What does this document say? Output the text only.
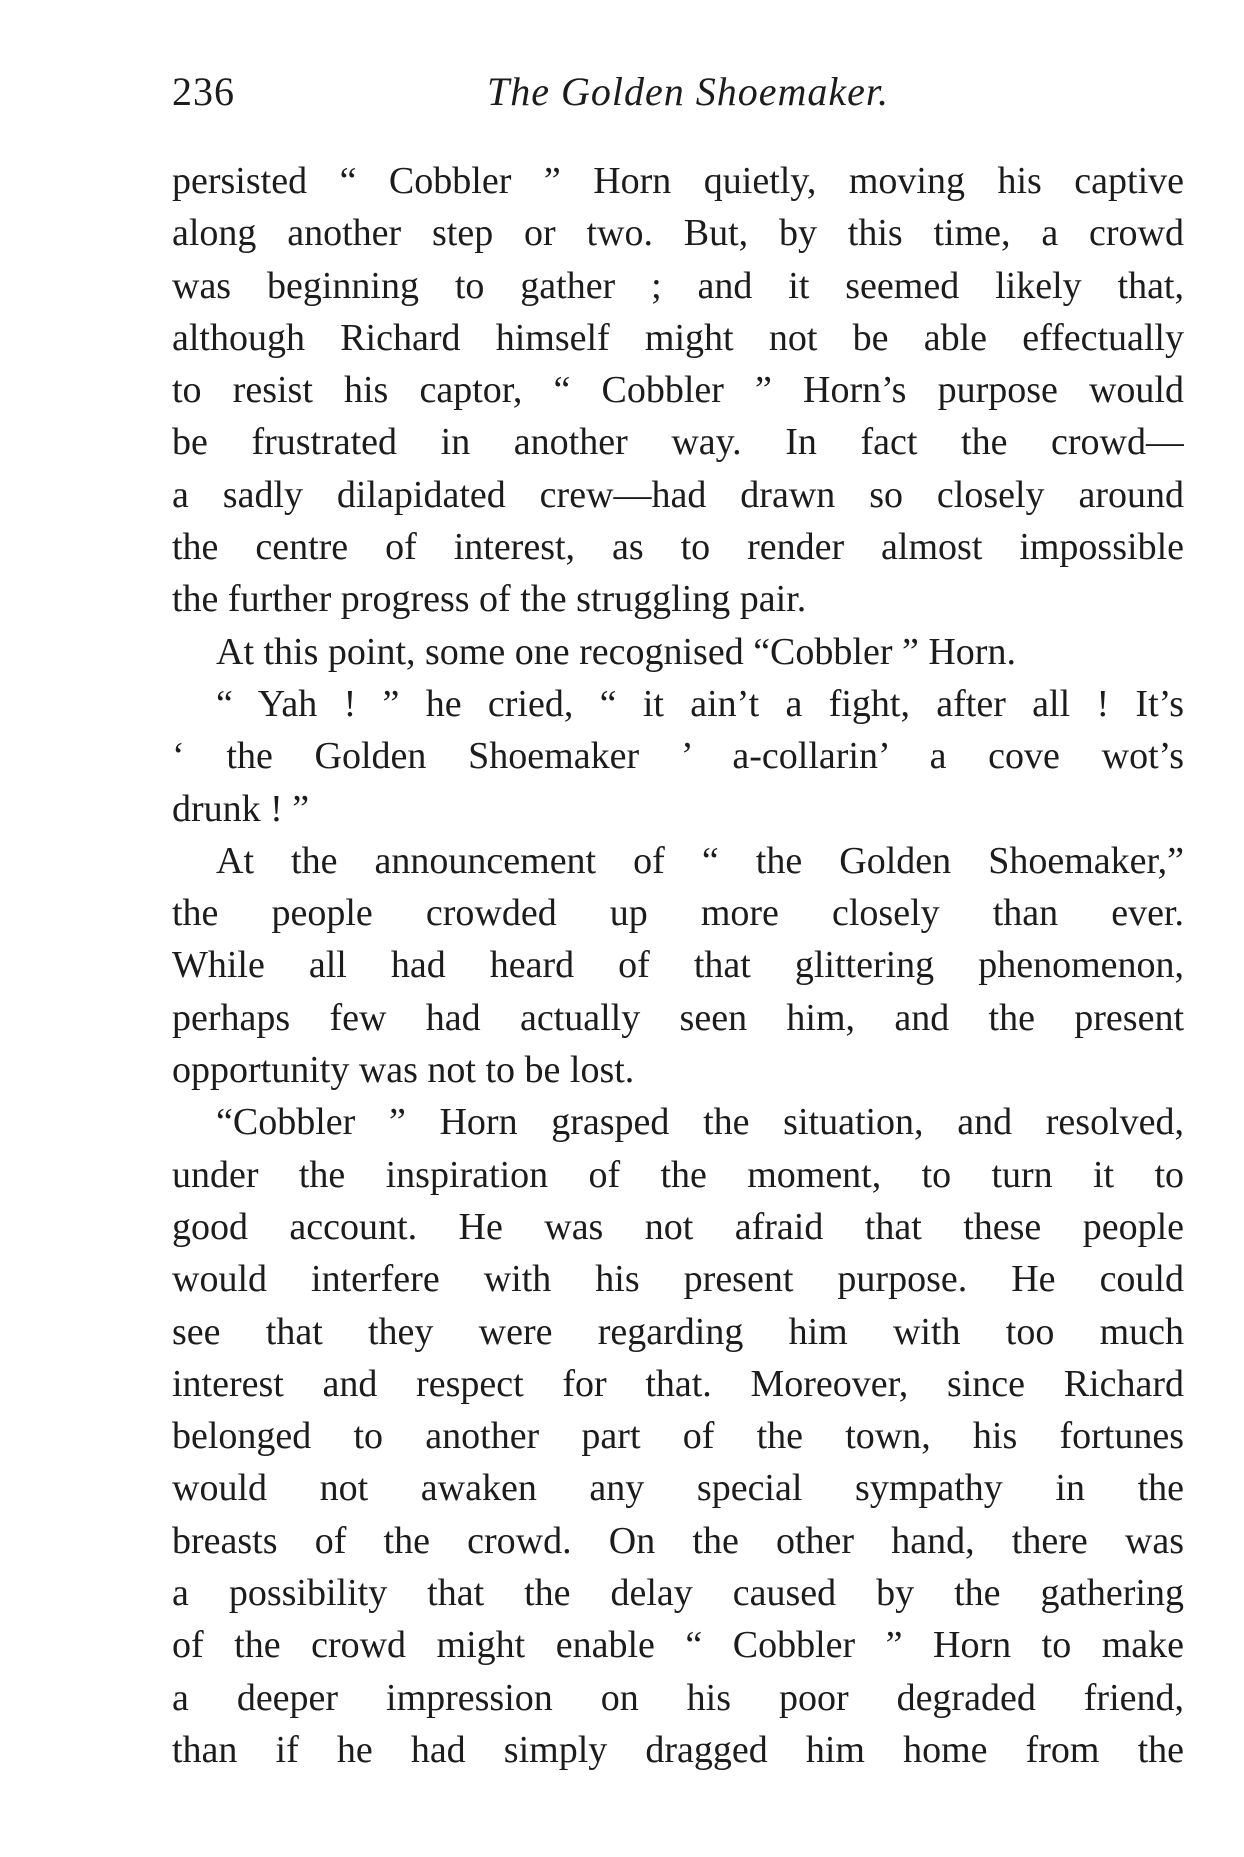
236	The Golden Shoemaker.
persisted “ Cobbler ” Horn quietly, moving his captive
along another step or two. But, by this time, a crowd
was beginning to gather ; and it seemed likely that,
although Richard himself might not be able effectually
to resist his captor, “ Cobbler ” Horn’s purpose would
be frustrated in another way. In fact the crowd—
a sadly dilapidated crew—had drawn so closely around
the centre of interest, as to render almost impossible
the further progress of the struggling pair.
At this point, some one recognised “Cobbler ” Horn.
“ Yah ! ” he cried, “ it ain’t a fight, after all ! It’s
‘ the Golden Shoemaker ’ a-collarin’ a cove wot’s
drunk ! ”
At the announcement of “ the Golden Shoemaker,”
the people crowded up more closely than ever.
While all had heard of that glittering phenomenon,
perhaps few had actually seen him, and the present
opportunity was not to be lost.
“Cobbler ” Horn grasped the situation, and resolved,
under the inspiration of the moment, to turn it to
good account. He was not afraid that these people
would interfere with his present purpose. He could
see that they were regarding him with too much
interest and respect for that. Moreover, since Richard
belonged to another part of the town, his fortunes
would not awaken any special sympathy in the
breasts of the crowd. On the other hand, there was
a possibility that the delay caused by the gathering
of the crowd might enable “ Cobbler ” Horn to make
a deeper impression on his poor degraded friend,
than if he had simply dragged him home from the
